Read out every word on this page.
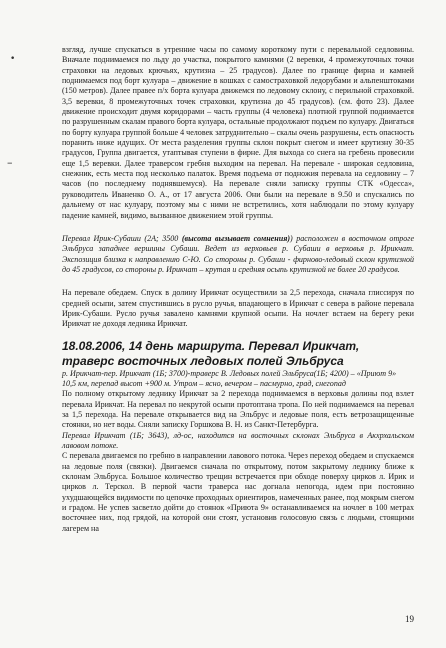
•
–

взгляд, лучше спускаться в утренние часы по самому короткому пути с перевальной седловины. Вначале поднимаемся по льду до участка, покрытого камнями (2 веревки, 4 промежуточных точки страховки на ледовых крючьях, крутизна – 25 градусов). Далее по границе фирна и камней поднимаемся под борт кулуара – движение в кошках с самостраховкой ледорубами и альпенштоками (150 метров). Далее правее п/х борта кулуара движемся по ледовому склону, с перильной страховкой. 3,5 веревки, 8 промежуточных точек страховки, крутизна до 45 градусов). (см. фото 23). Далее движение происходит двумя коридорами – часть группы (4 человека) плотной группой поднимается по разрушенным скалам правого борта кулуара, остальные продолжают подъем по кулуару. Двигаться по борту кулуара группой больше 4 человек затруднительно – скалы очень разрушены, есть опасность поранить ниже идущих. От места разделения группы склон покрыт снегом и имеет крутизну 30-35 градусов, Группа двигается, утаптывая ступени в фирне. Для выхода со снега на гребень провесили еще 1,5 веревки. Далее траверсом гребня выходим на перевал. На перевале - широкая седловина, снежник, есть места под несколько палаток. Время подъема от подножия перевала на седловину – 7 часов (по последнему поднявшемуся). На перевале сняли записку группы СТК «Одесса», руководитель Иваненко О. А., от 17 августа 2006. Они были на перевале в 9.50 и спускались по дальнему от нас кулуару, поэтому мы с ними не встретились, хотя наблюдали по этому кулуару падение камней, видимо, вызванное движением этой группы.

Перевал Ирик-Субаши (2А; 3500 (высота вызывает сомнения)) расположен в восточном отроге Эльбруса западнее вершины Субаши. Ведет из верховьев р. Субаши в верховья р. Ирикчат. Экспозиция близка к направлению С-Ю. Со стороны р. Субаши - фирново-ледовый склон крутизной до 45 градусов, со стороны р. Ирикчат – крутая и средняя осыпь крутизной не более 20 градусов.

На перевале обедаем. Спуск в долину Ирикчат осуществили за 2,5 перехода, сначала глиссируя по средней осыпи, затем спустившись в русло ручья, впадающего в Ирикчат с севера в районе перевала Ирик-Субаши. Русло ручья завалено камнями крупной осыпи. На ночлег встаем на берегу реки Ирикчат не доходя ледника Ирикчат.

18.08.2006, 14 день маршрута. Перевал Ирикчат, траверс восточных ледовых полей Эльбруса

р. Ирикчат-пер. Ирикчат (1Б; 3700)-траверс В. Ледовых полей Эльбруса(1Б; 4200) – «Приют 9»

10,5 км, перепад высот +900 м. Утром – ясно, вечером – пасмурно, град, снегопад

По полному открытому леднику Ирикчат за 2 перехода поднимаемся в верховья долины под взлет перевала Ирикчат. На перевал по некрутой осыпи протоптана тропа. По ней поднимаемся на перевал за 1,5 перехода. На перевале открывается вид на Эльбрус и ледовые поля, есть ветрозащищенные стоянки, но нет воды. Сняли записку Горшкова В. Н. из Санкт-Петербурга.

Перевал Ирикчат (1Б; 3643), лд-ос, находится на восточных склонах Эльбруса в Акхрхальском лавовом потоке.

С перевала двигаемся по гребню в направлении лавового потока. Через переход обедаем и спускаемся на ледовые поля (связки). Двигаемся сначала по открытому, потом закрытому леднику ближе к склонам Эльбруса. Большое количество трещин встречается при обходе поверху цирков л. Ирик и цирков л. Терскол. В первой части траверса нас догнала непогода, идем при постоянно ухудшающейся видимости по цепочке проходных ориентиров, намеченных ранее, под мокрым снегом и градом. Не успев засветло дойти до стоянок «Приюта 9» останавливаемся на ночлег в 100 метрах восточнее них, под грядой, на которой они стоят, установив голосовую связь с людьми, стоящими лагерем на

19
